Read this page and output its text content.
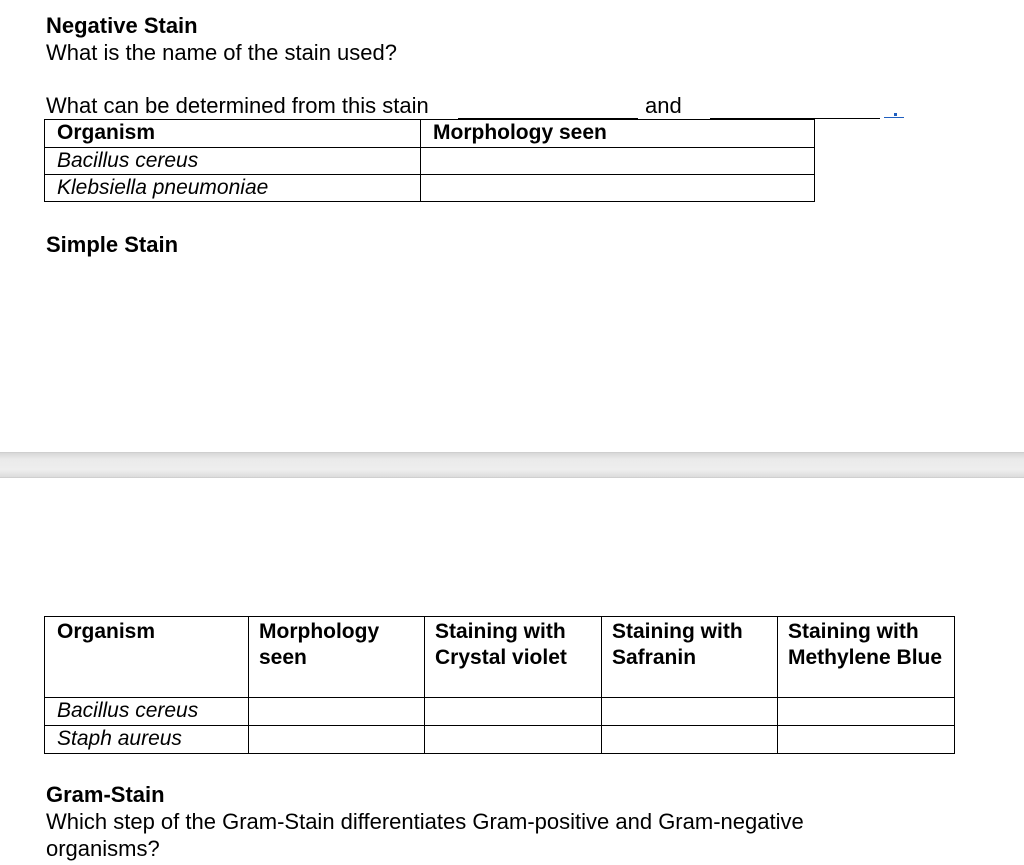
Negative Stain
What is the name of the stain used?
What can be determined from this stain	and
Organism	Morphology seen
Bacillus cereus	
Klebsiella pneumoniae	
Simple Stain
Organism	Morphology seen	Staining with Crystal violet	Staining with Safranin	Staining with Methylene Blue
Bacillus cereus				
Staph aureus				
Gram-Stain
Which step of the Gram-Stain differentiates Gram-positive and Gram-negative organisms?
